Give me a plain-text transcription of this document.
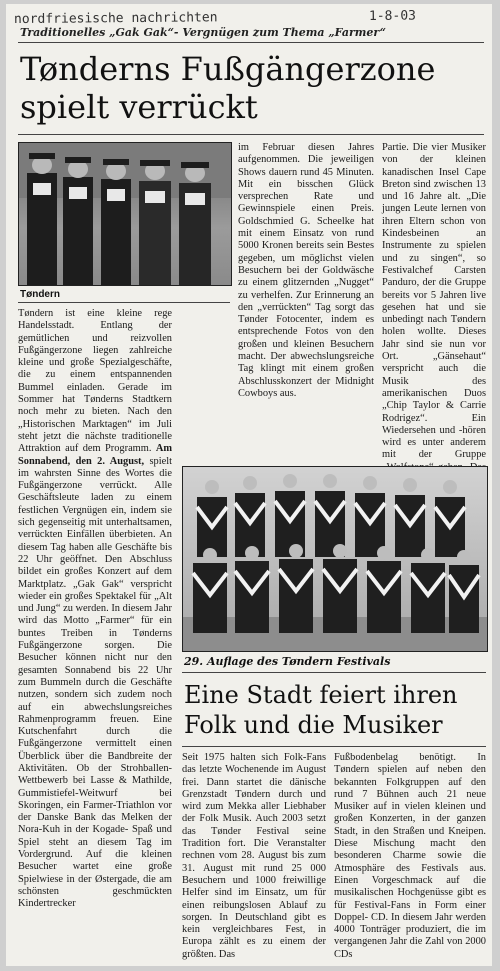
nordfriesische nachrichten	1-8-03
Traditionelles „Gak Gak“- Vergnügen zum Thema „Farmer“
Tønderns Fußgängerzone
spielt verrückt
Tøndern

Tøndern ist eine kleine rege Handelsstadt. Entlang der gemütlichen und reizvollen Fußgängerzone liegen zahlreiche kleine und große Spezialgeschäfte, die zu einem entspannenden Bummel einladen. Gerade im Sommer hat Tønderns Stadtkern noch mehr zu bieten. Nach den „Historischen Marktagen“ im Juli steht jetzt die nächste traditionelle Attraktion auf dem Programm. Am Sonnabend, den 2. August, spielt im wahrsten Sinne des Wortes die Fußgängerzone verrückt. Alle Geschäftsleute laden zu einem festlichen Vergnügen ein, indem sie sich gegenseitig mit unterhaltsamen, verrückten Einfällen überbieten. An diesem Tag haben alle Geschäfte bis 22 Uhr geöffnet. Den Abschluss bildet ein großes Konzert auf dem Marktplatz. „Gak Gak“ verspricht wieder ein großes Spektakel für „Alt und Jung“ zu werden. In diesem Jahr wird das Motto „Farmer“ für ein buntes Treiben in Tønderns Fußgängerzone sorgen. Die Besucher können nicht nur den gesamten Sonnabend bis 22 Uhr zum Bummeln durch die Geschäfte nutzen, sondern sich zudem noch auf ein abwechslungsreiches Rahmenprogramm freuen. Eine Kutschenfahrt durch die Fußgängerzone vermittelt einen Überblick über die Bandbreite der Aktivitäten. Ob der Strohballen-Wettbewerb bei Lasse & Mathilde, Gummistiefel-Weitwurf bei Skoringen, ein Farmer-Triathlon vor der Danske Bank das Melken der Nora-Kuh in der Kogade- Spaß und Spiel steht an diesem Tag im Vordergrund. Auf die kleinen Besucher wartet eine große Spielwiese in der Østergade, die am schönsten geschmückten Kindertrecker

im Februar diesen Jahres aufgenommen. Die jeweiligen Shows dauern rund 45 Minuten. Mit ein bisschen Glück versprechen Rate und Gewinnspiele einen Preis. Goldschmied G. Scheelke hat mit einem Einsatz von rund 5000 Kronen bereits sein Bestes gegeben, um möglichst vielen Besuchern bei der Goldwäsche zu einem glitzernden „Nugget“ zu verhelfen. Zur Erinnerung an den „verrückten“ Tag sorgt das Tønder Fotocenter, indem es entsprechende Fotos von den großen und kleinen Besuchern macht. Der abwechslungsreiche Tag klingt mit einem großen Abschlusskonzert der Midnight Cowboys aus.

Partie. Die vier Musiker von der kleinen kanadischen Insel Cape Breton sind zwischen 13 und 16 Jahre alt. „Die jungen Leute lernen von ihren Eltern schon von Kindesbeinen an Instrumente zu spielen und zu singen“, so Festivalchef Carsten Panduro, der die Gruppe bereits vor 5 Jahren live gesehen hat und sie unbedingt nach Tøndern holen wollte. Dieses Jahr sind sie nun vor Ort. „Gänsehaut“ verspricht auch die Musik des amerikanischen Duos „Chip Taylor & Carrie Rodrigez“. Ein Wiedersehen und -hören wird es unter anderem mit der Gruppe

29. Auflage des Tøndern Festivals
Eine Stadt feiert ihren
Folk und die Musiker

Seit 1975 halten sich Folk-Fans das letzte Wochenende im August frei. Dann startet die dänische Grenzstadt Tøndern durch und wird zum Mekka aller Liebhaber der Folk Musik. Auch 2003 setzt das Tønder Festival seine Tradition fort. Die Veranstalter rechnen vom 28. August bis zum 31. August mit rund 25 000 Besuchern und 1000 freiwillige Helfer sind im Einsatz, um für einen reibungslosen Ablauf zu sorgen. In Deutschland gibt es kein vergleichbares Fest, in Europa zählt es zu einem der größten. Das

Fußbodenbelag benötigt. In Tøndern spielen auf neben den bekannten Folkgruppen auf den rund 7 Bühnen auch 21 neue Musiker auf in vielen kleinen und großen Konzerten, in der ganzen Stadt, in den Straßen und Kneipen. Diese Mischung macht den besonderen Charme sowie die Atmosphäre des Festivals aus. Einen Vorgeschmack auf die musikalischen Hochgenüsse gibt es für Festival-Fans in Form einer Doppel- CD. In diesem Jahr werden 4000 Tonträger produziert, die im vergangenen Jahr die Zahl von 2000 CDs
